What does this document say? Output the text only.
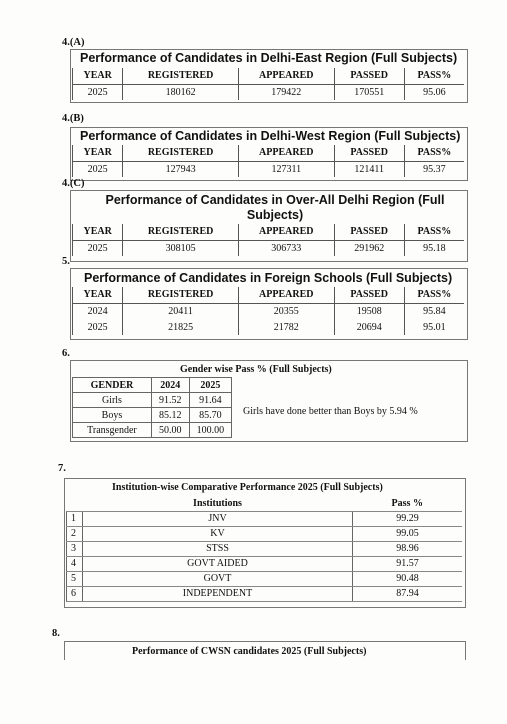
4.(A)
Performance of Candidates in Delhi-East Region (Full Subjects)
YEAR	REGISTERED	APPEARED	PASSED	PASS%
2025	180162	179422	170551	95.06
4.(B)
Performance of Candidates in Delhi-West Region (Full Subjects)
YEAR	REGISTERED	APPEARED	PASSED	PASS%
2025	127943	127311	121411	95.37
4.(C)
Performance of Candidates in Over-All Delhi Region (Full Subjects)
YEAR	REGISTERED	APPEARED	PASSED	PASS%
2025	308105	306733	291962	95.18
5.
Performance of Candidates in Foreign Schools (Full Subjects)
YEAR	REGISTERED	APPEARED	PASSED	PASS%
2024	20411	20355	19508	95.84
2025	21825	21782	20694	95.01
6.
Gender wise Pass % (Full Subjects)
GENDER	2024	2025
Girls	91.52	91.64
Boys	85.12	85.70
Transgender	50.00	100.00
Girls have done better than Boys by 5.94 %
7.
Institution-wise Comparative Performance 2025 (Full Subjects)
	Institutions	Pass %
1	JNV	99.29
2	KV	99.05
3	STSS	98.96
4	GOVT AIDED	91.57
5	GOVT	90.48
6	INDEPENDENT	87.94
8.
Performance of CWSN candidates 2025 (Full Subjects)
